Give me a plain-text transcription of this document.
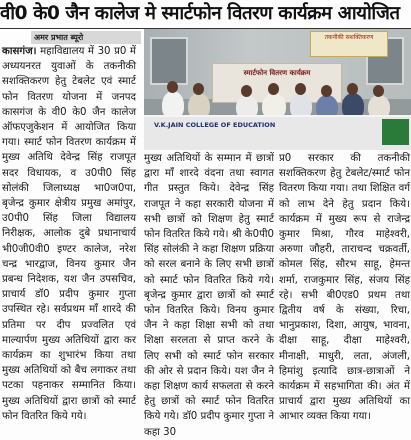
वी0 के0 जैन कालेज मे स्मार्टफोन वितरण कार्यक्रम आयोजित
अमर प्रभात ब्यूरो
कासगंज। महाविद्यालय में 30 प्र0 में अध्ययनरत युवाओं के तकनीकी सशक्तिकरण हेतु टेबलेट एवं स्मार्ट फोन वितरण योजना में जनपद कासगंज के वी0 के0 जैन कालेज ऑफएजुकेशन में आयोजित किया गया। स्मार्ट फोन वितरण कार्यक्रम में मुख्य अतिथि देवेन्द्र सिंह राजपूत सदर विधायक, व उ0पी0 सिंह सोलंकी जिलाध्यक्ष भा0ज0पा, बृजेन्द्र कुमार क्षेत्रीय प्रमुख अमांपुर, उ0पी0 सिंह जिला विद्यालय निरीक्षक, आलोक दुबे प्रधानाचार्य भी0जी0वी0 इण्टर कालेज, नरेश चन्द्र भारद्वाज, विनय कुमार जैन प्रबन्ध निदेशक, यश जैन उपसचिव, प्राचार्य डॉ0 प्रदीप कुमार गुप्ता उपस्थित रहे। सर्वप्रथम माँ शारदे की प्रतिमा पर दीप प्रज्वलित एवं माल्यार्पण मुख्य अतिथियों द्वारा कर कार्यक्रम का शुभारंभ किया तथा मुख्य अतिथियों को बैच लगाकर तथा पटका पहनाकर सम्मानित किया। मुख्य अतिथियों द्वारा छात्रों को स्मार्ट फोन वितरित किये गये।
तकनीकी सशक्तिकरण
स्मार्टफोन वितरण कार्यक्रम
V.K.JAIN COLLEGE OF EDUCATION
मुख्य अतिथियों के सम्मान में छात्रों द्वारा माँ शारदे वंदना तथा स्वागत गीत प्रस्तुत किये। देवेन्द्र सिंह राजपूत ने कहा सरकारी योजना में सभी छात्रों को शिक्षण हेतु स्मार्ट फोन वितरित किये गये। श्री के0पी0 सिंह सोलंकी ने कहा शिक्षण प्रक्रिया को सरल बनाने के लिए सभी छात्रों को स्मार्ट फोन वितरित किये गये। बृजेन्द्र कुमार द्वारा छात्रों को स्मार्ट फोन वितरित किये। विनय कुमार जैन ने कहा शिक्षा सभी को तथा शिक्षा सरलता से प्राप्त करने के लिए सभी को स्मार्ट फोन सरकार की ओर से प्रदान किये। यश जैन ने कहा शिक्षण कार्य सफलता से करने हेतु छात्रों को स्मार्ट फोन वितरित किये गये। डॉ0 प्रदीप कुमार गुप्ता ने कहा 30
प्र0 सरकार की तकनीकी सशक्तिकरण हेतु टेबलेट/स्मार्ट फोन वितरण किया गया। तथा शिक्षित वर्ग को लाभ देने हेतु प्रदान किये। कार्यक्रम में मुख्य रूप से राजेन्द्र कुमार मिश्रा, गौरव माहेश्वरी, अरुणा जौहरी, ताराचन्द चक्रवर्ती, कोमल सिंह, सौरभ साहू, हेमन्त शर्मा, राजकुमार सिंह, संजय सिंह रहे। सभी बी0एड0 प्रथम तथा द्वितीय वर्ष के संख्या, रिचा, भानुप्रकाश, दिशा, आयुष, भावना, दीक्षा साहू, दीक्षा माहेश्वरी, मीनाक्षी, माधुरी, लता, अंजली, हिमांशु इत्यादि छात्र-छात्राओं ने कार्यक्रम में सहभागिता की। अंत में प्राचार्य द्वारा मुख्य अतिथियों का आभार व्यक्त किया गया।
